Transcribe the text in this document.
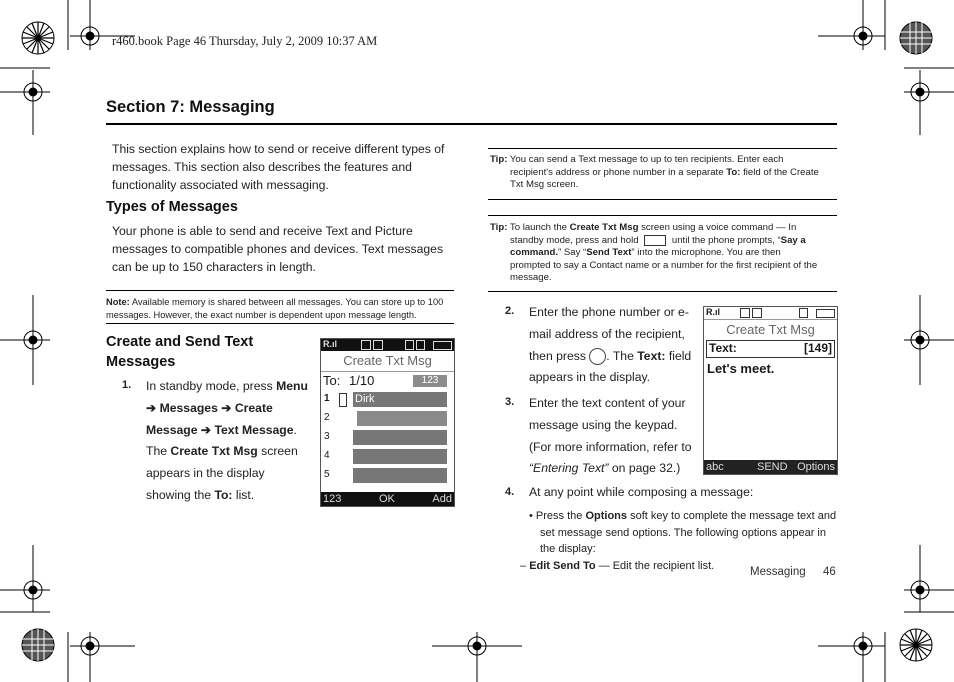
r460.book Page 46 Thursday, July 2, 2009 10:37 AM
Section 7: Messaging
This section explains how to send or receive different types of messages. This section also describes the features and functionality associated with messaging.
Types of Messages
Your phone is able to send and receive Text and Picture messages to compatible phones and devices. Text messages can be up to 150 characters in length.
Note: Available memory is shared between all messages. You can store up to 100 messages. However, the exact number is dependent upon message length.
Create and Send Text
Messages
1. In standby mode, press Menu
➔ Messages ➔ Create
Message ➔ Text Message.
The Create Txt Msg screen
appears in the display
showing the To: list.
R.ıl
Create Txt Msg
To: 1/10	123
1 Dirk
2
3
4
5
123	OK	Add
Tip: You can send a Text message to up to ten recipients. Enter each
recipient's address or phone number in a separate To: field of the Create
Txt Msg screen.
Tip: To launch the Create Txt Msg screen using a voice command — In
standby mode, press and hold	until the phone prompts, “Say a
command.” Say “Send Text” into the microphone. You are then
prompted to say a Contact name or a number for the first recipient of the
message.
2. Enter the phone number or e-
mail address of the recipient,
then press . The Text: field
appears in the display.
3. Enter the text content of your
message using the keypad.
(For more information, refer to
“Entering Text” on page 32.)
R.ıl
Create Txt Msg
Text:	[149]
Let's meet.
abc	SEND Options
4. At any point while composing a message:
• Press the Options soft key to complete the message text and set message send options. The following options appear in the display:
– Edit Send To — Edit the recipient list.
Messaging 46
